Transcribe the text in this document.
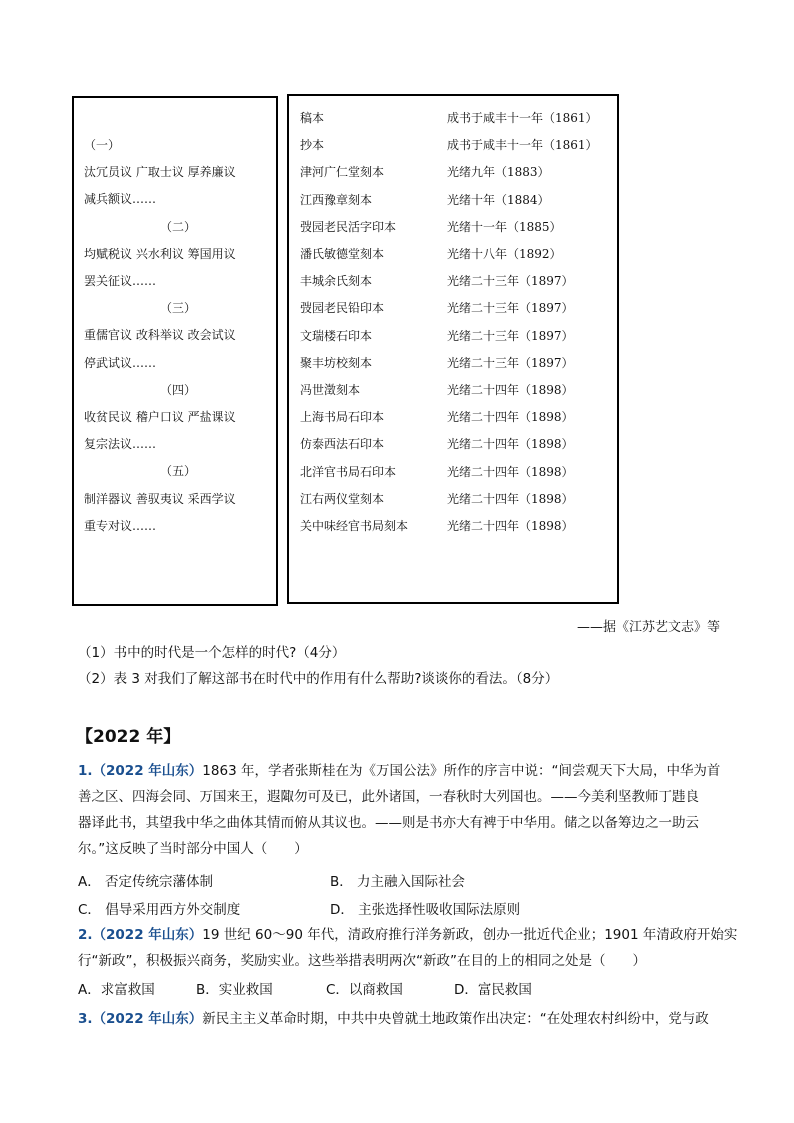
（一）
汰冗员议 广取士议 厚养廉议
减兵额议……
（二）
均赋税议 兴水利议 筹国用议
罢关征议……
（三）
重儒官议 改科举议 改会试议
停武试议……
（四）
收贫民议 稽户口议 严盐课议
复宗法议……
（五）
制洋器议 善驭夷议 采西学议
重专对议……
稿本	成书于咸丰十一年（1861）
抄本	成书于咸丰十一年（1861）
津河广仁堂刻本	光绪九年（1883）
江西豫章刻本	光绪十年（1884）
弢园老民活字印本	光绪十一年（1885）
潘氏敏德堂刻本	光绪十八年（1892）
丰城余氏刻本	光绪二十三年（1897）
弢园老民铅印本	光绪二十三年（1897）
文瑞楼石印本	光绪二十三年（1897）
聚丰坊校刻本	光绪二十三年（1897）
冯世澂刻本	光绪二十四年（1898）
上海书局石印本	光绪二十四年（1898）
仿泰西法石印本	光绪二十四年（1898）
北洋官书局石印本	光绪二十四年（1898）
江右两仪堂刻本	光绪二十四年（1898）
关中味经官书局刻本	光绪二十四年（1898）
——据《江苏艺文志》等
（1）书中的时代是一个怎样的时代?（4分）
（2）表 3 对我们了解这部书在时代中的作用有什么帮助?谈谈你的看法。（8分）
【2022 年】
1.（2022 年山东）1863 年，学者张斯桂在为《万国公法》所作的序言中说：“间尝观天下大局，中华为首
善之区、四海会同、万国来王，遐陬勿可及已，此外诸国，一春秋时大列国也。——今美利坚教师丁韪良
器译此书，其望我中华之曲体其情而俯从其议也。——则是书亦大有裨于中华用。储之以备筹边之一助云
尔。”这反映了当时部分中国人（　　）
A． 否定传统宗藩体制	B． 力主融入国际社会
C． 倡导采用西方外交制度	D． 主张选择性吸收国际法原则
2.（2022 年山东）19 世纪 60～90 年代，清政府推行洋务新政，创办一批近代企业；1901 年清政府开始实
行“新政”，积极振兴商务，奖励实业。这些举措表明两次“新政”在目的上的相同之处是（　　）
A．求富救国	B．实业救国	C．以商救国	D．富民救国
3.（2022 年山东）新民主主义革命时期，中共中央曾就土地政策作出决定：“在处理农村纠纷中，党与政
